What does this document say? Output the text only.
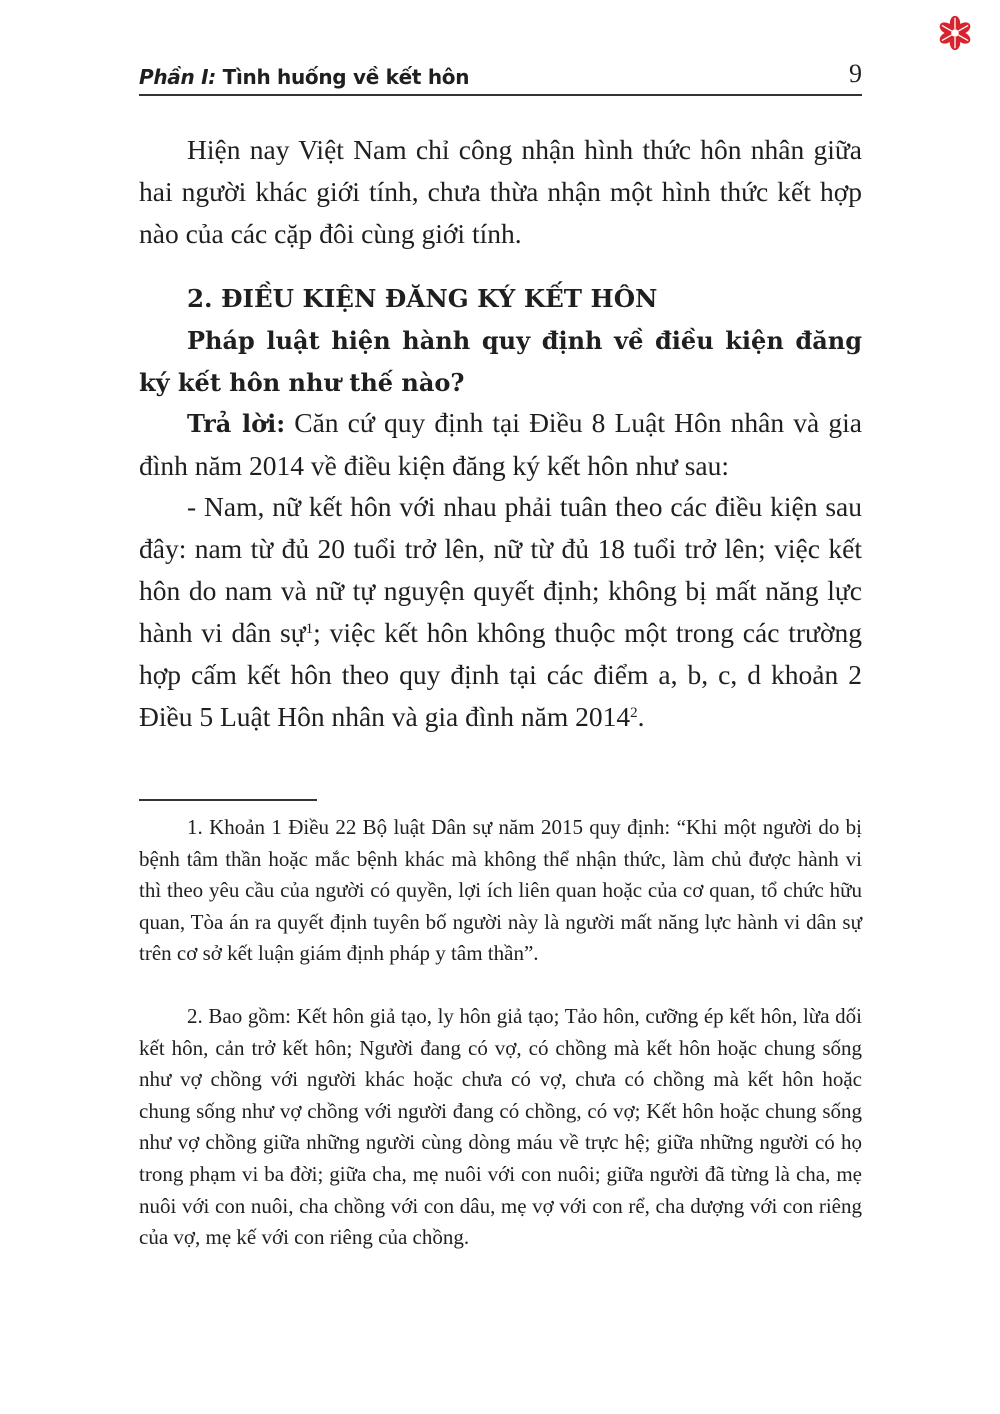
Phần I: Tình huống về kết hôn	9

Hiện nay Việt Nam chỉ công nhận hình thức hôn nhân giữa hai người khác giới tính, chưa thừa nhận một hình thức kết hợp nào của các cặp đôi cùng giới tính.

2. ĐIỀU KIỆN ĐĂNG KÝ KẾT HÔN

Pháp luật hiện hành quy định về điều kiện đăng ký kết hôn như thế nào?

Trả lời: Căn cứ quy định tại Điều 8 Luật Hôn nhân và gia đình năm 2014 về điều kiện đăng ký kết hôn như sau:

- Nam, nữ kết hôn với nhau phải tuân theo các điều kiện sau đây: nam từ đủ 20 tuổi trở lên, nữ từ đủ 18 tuổi trở lên; việc kết hôn do nam và nữ tự nguyện quyết định; không bị mất năng lực hành vi dân sự$^1$; việc kết hôn không thuộc một trong các trường hợp cấm kết hôn theo quy định tại các điểm a, b, c, d khoản 2 Điều 5 Luật Hôn nhân và gia đình năm 2014$^2$.

1. Khoản 1 Điều 22 Bộ luật Dân sự năm 2015 quy định: “Khi một người do bị bệnh tâm thần hoặc mắc bệnh khác mà không thể nhận thức, làm chủ được hành vi thì theo yêu cầu của người có quyền, lợi ích liên quan hoặc của cơ quan, tổ chức hữu quan, Tòa án ra quyết định tuyên bố người này là người mất năng lực hành vi dân sự trên cơ sở kết luận giám định pháp y tâm thần”.

2. Bao gồm: Kết hôn giả tạo, ly hôn giả tạo; Tảo hôn, cưỡng ép kết hôn, lừa dối kết hôn, cản trở kết hôn; Người đang có vợ, có chồng mà kết hôn hoặc chung sống như vợ chồng với người khác hoặc chưa có vợ, chưa có chồng mà kết hôn hoặc chung sống như vợ chồng với người đang có chồng, có vợ; Kết hôn hoặc chung sống như vợ chồng giữa những người cùng dòng máu về trực hệ; giữa những người có họ trong phạm vi ba đời; giữa cha, mẹ nuôi với con nuôi; giữa người đã từng là cha, mẹ nuôi với con nuôi, cha chồng với con dâu, mẹ vợ với con rể, cha dượng với con riêng của vợ, mẹ kế với con riêng của chồng.
